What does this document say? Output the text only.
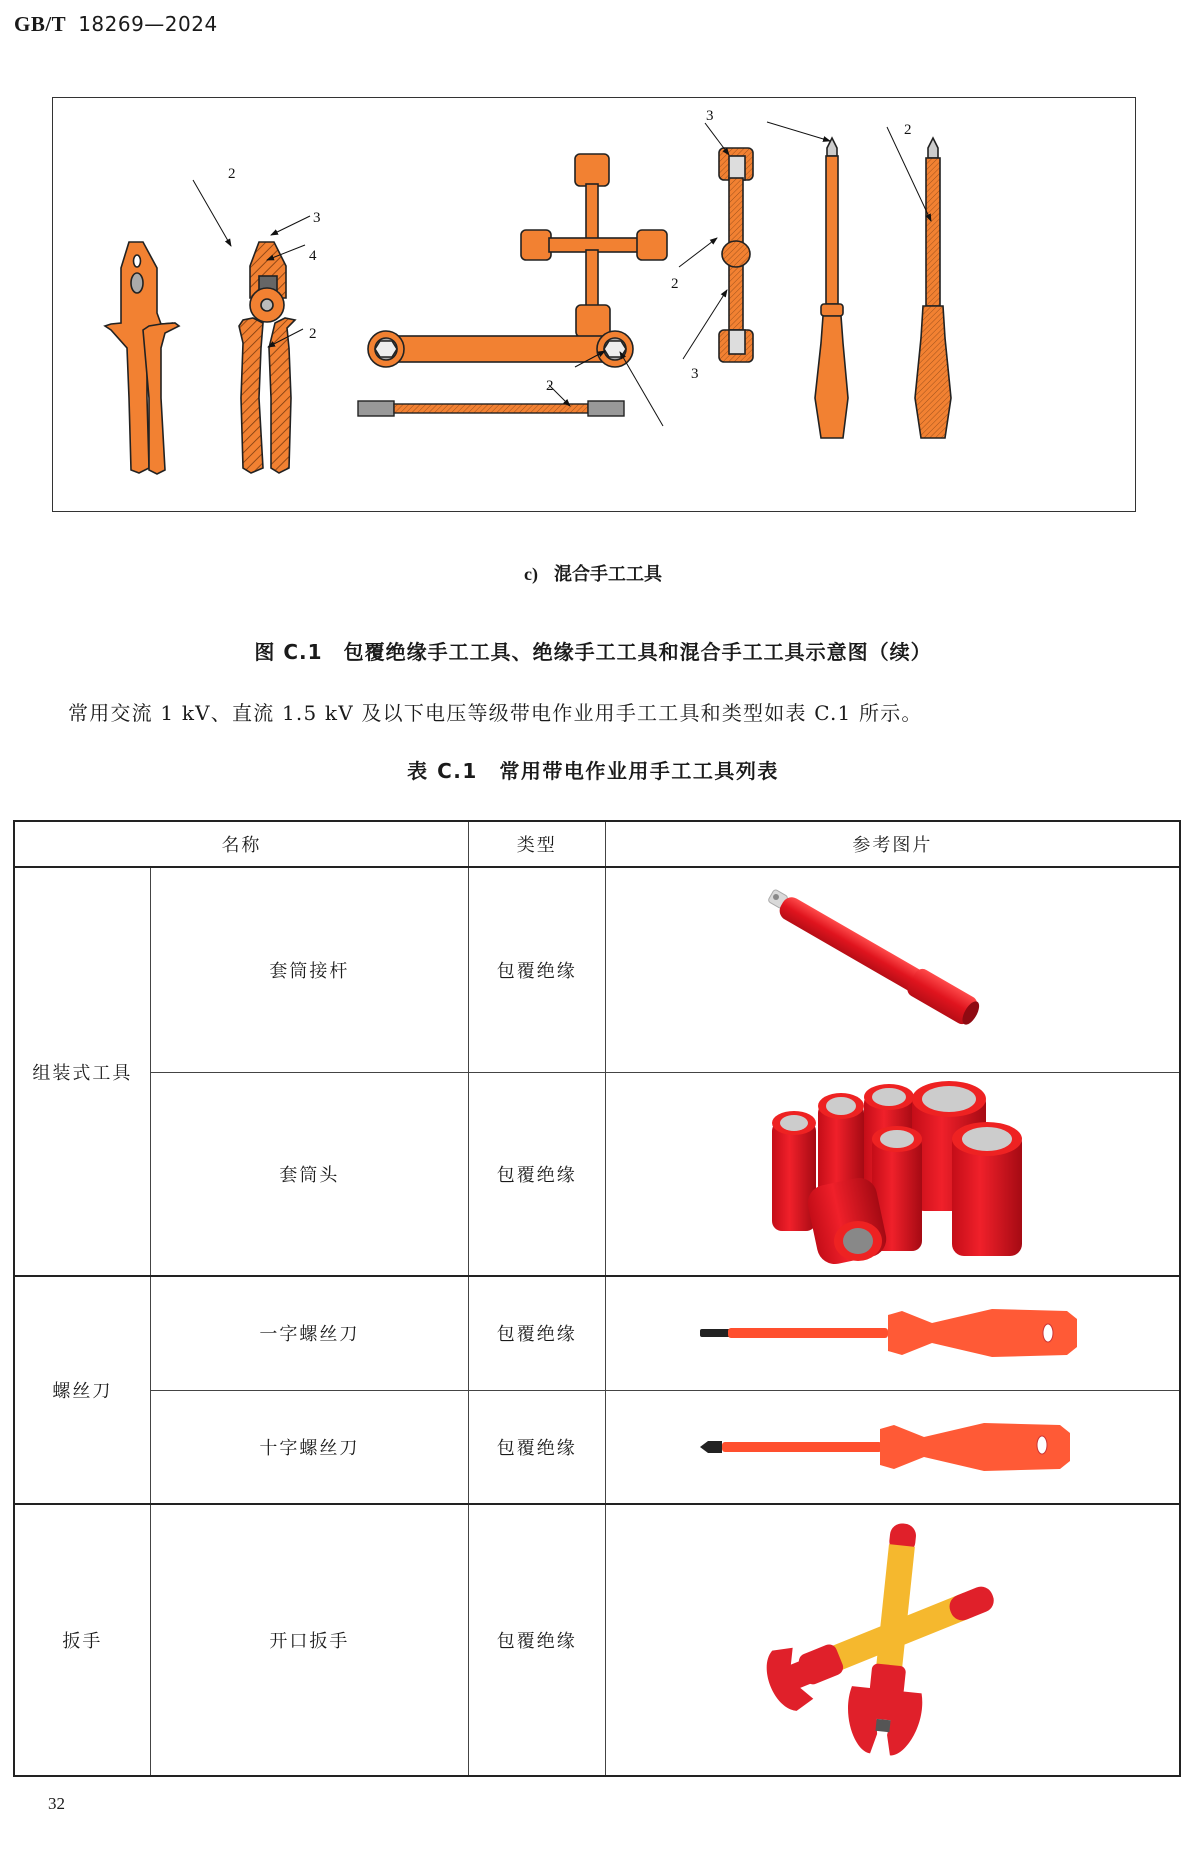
GB/T 18269—2024
2
3
4
2
2
3
2
3
2
c) 混合手工工具
图 C.1　包覆绝缘手工工具、绝缘手工工具和混合手工工具示意图（续）
常用交流 1 kV、直流 1.5 kV 及以下电压等级带电作业用手工工具和类型如表 C.1 所示。
表 C.1　常用带电作业用手工工具列表
名称		类型	参考图片
组装式工具	套筒接杆	包覆绝缘	

	套筒头	包覆绝缘	

螺丝刀	一字螺丝刀	包覆绝缘	

	十字螺丝刀	包覆绝缘	

扳手	开口扳手	包覆绝缘	
32
